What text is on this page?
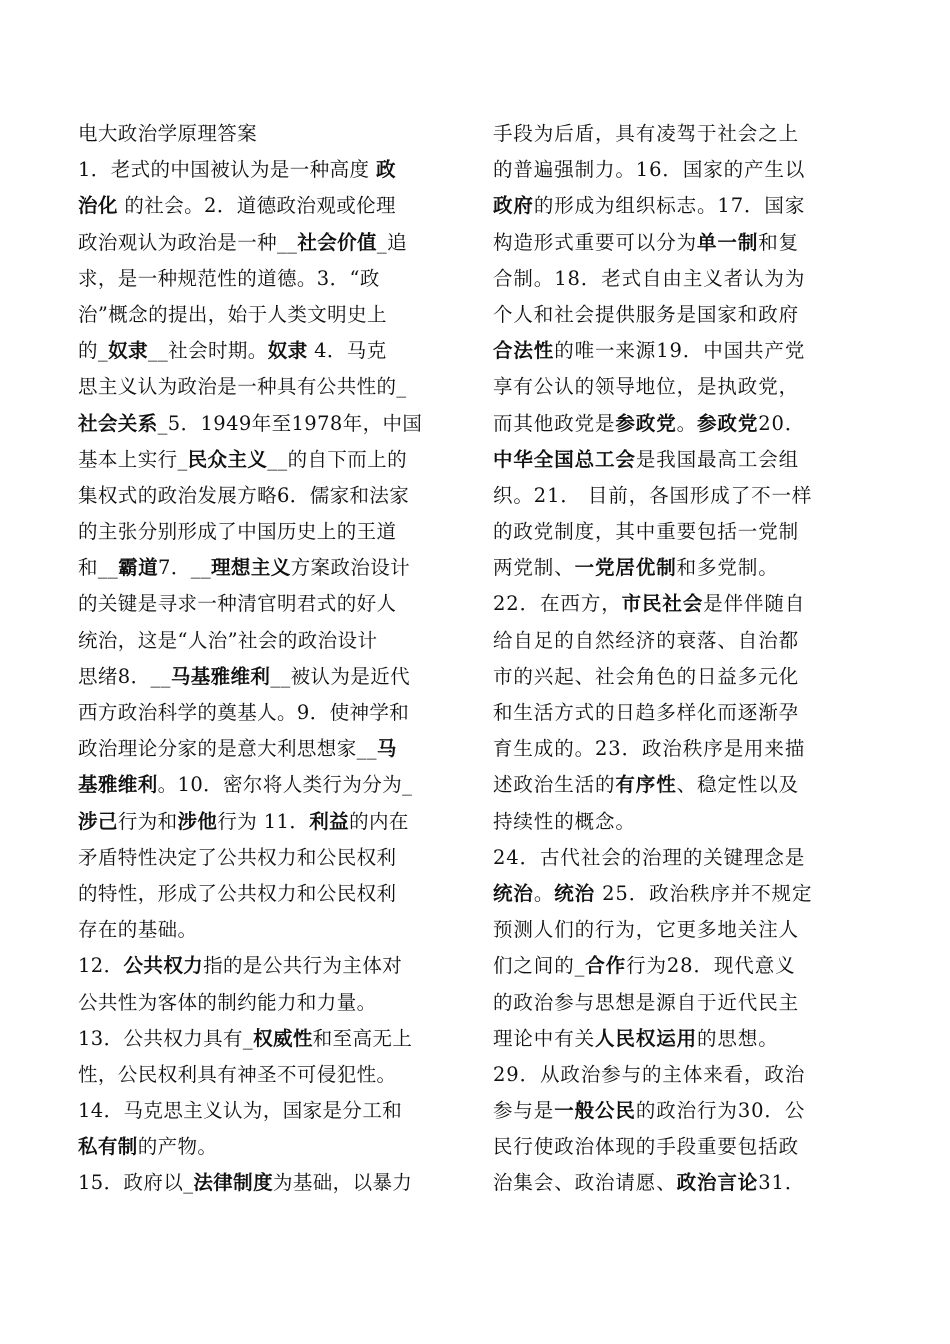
电大政治学原理答案
1．老式的中国被认为是一种高度 政
治化 的社会。2．道德政治观或伦理
政治观认为政治是一种__社会价值_追
求，是一种规范性的道德。3．“政
治”概念的提出，始于人类文明史上
的_奴隶__社会时期。奴隶 4．马克
思主义认为政治是一种具有公共性的_
社会关系_5．1949年至1978年，中国
基本上实行_民众主义__的自下而上的
集权式的政治发展方略6．儒家和法家
的主张分别形成了中国历史上的王道
和__霸道7．__理想主义方案政治设计
的关键是寻求一种清官明君式的好人
统治，这是“人治”社会的政治设计
思绪8．__马基雅维利__被认为是近代
西方政治科学的奠基人。9．使神学和
政治理论分家的是意大利思想家__马
基雅维利。10．密尔将人类行为分为_
涉己行为和涉他行为 11．利益的内在
矛盾特性决定了公共权力和公民权利
的特性，形成了公共权力和公民权利
存在的基础。
12．公共权力指的是公共行为主体对
公共性为客体的制约能力和力量。
13．公共权力具有_权威性和至高无上
性，公民权利具有神圣不可侵犯性。
14．马克思主义认为，国家是分工和
私有制的产物。
15．政府以_法律制度为基础，以暴力
手段为后盾，具有凌驾于社会之上
的普遍强制力。16．国家的产生以
政府的形成为组织标志。17．国家
构造形式重要可以分为单一制和复
合制。18．老式自由主义者认为为
个人和社会提供服务是国家和政府
合法性的唯一来源19．中国共产党
享有公认的领导地位，是执政党，
而其他政党是参政党。参政党20．
中华全国总工会是我国最高工会组
织。21． 目前，各国形成了不一样
的政党制度，其中重要包括一党制
两党制、一党居优制和多党制。
22．在西方，市民社会是伴伴随自
给自足的自然经济的衰落、自治都
市的兴起、社会角色的日益多元化
和生活方式的日趋多样化而逐渐孕
育生成的。23．政治秩序是用来描
述政治生活的有序性、稳定性以及
持续性的概念。
24．古代社会的治理的关键理念是
统治。统治 25．政治秩序并不规定
预测人们的行为，它更多地关注人
们之间的_合作行为28．现代意义
的政治参与思想是源自于近代民主
理论中有关人民权运用的思想。
29．从政治参与的主体来看，政治
参与是一般公民的政治行为30．公
民行使政治体现的手段重要包括政
治集会、政治请愿、政治言论31．
